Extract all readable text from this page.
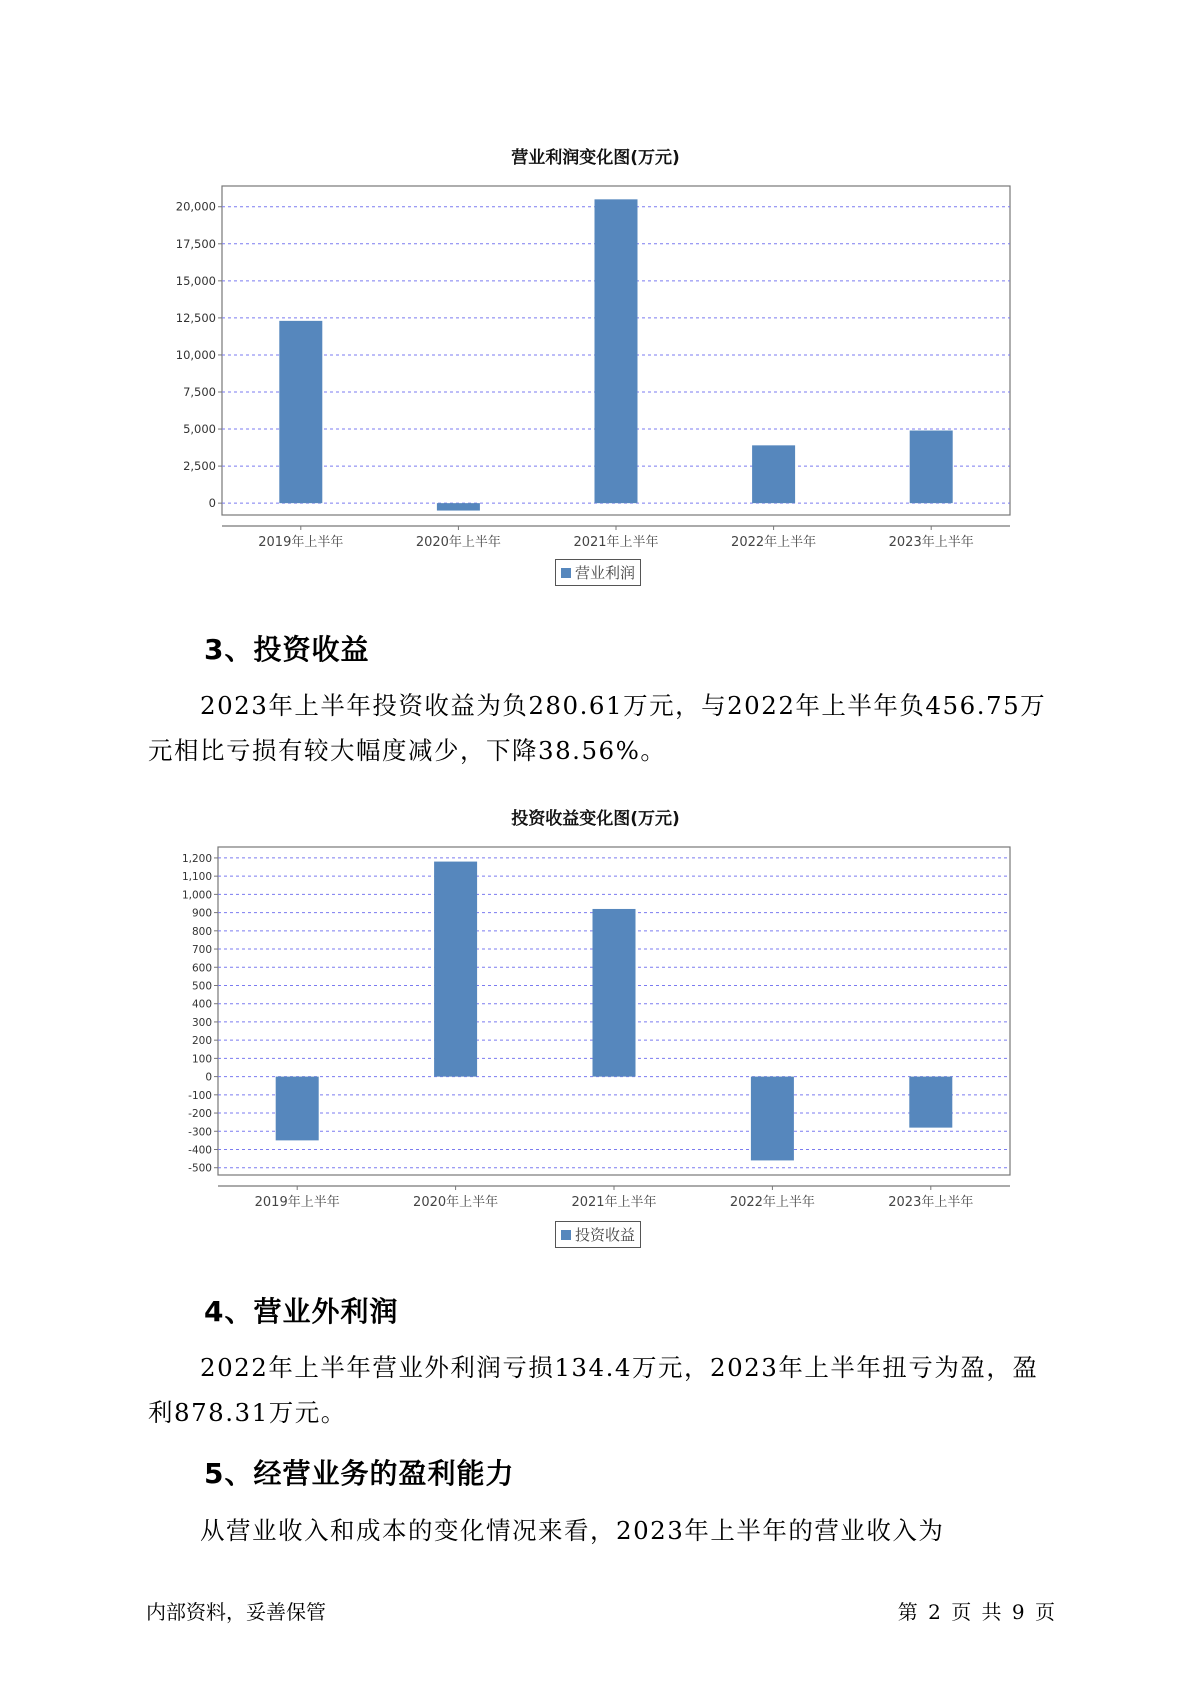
营业利润变化图(万元)
0
2,500
5,000
7,500
10,000
12,500
15,000
17,500
20,000
2019年上半年	2020年上半年	2021年上半年	2022年上半年	2023年上半年
营业利润
3、投资收益
2023年上半年投资收益为负280.61万元，与2022年上半年负456.75万
元相比亏损有较大幅度减少，下降38.56%。
投资收益变化图(万元)
-500
-400
-300
-200
-100
0
100
200
300
400
500
600
700
800
900
1,000
1,100
1,200
2019年上半年	2020年上半年	2021年上半年	2022年上半年	2023年上半年
投资收益
4、营业外利润
2022年上半年营业外利润亏损134.4万元，2023年上半年扭亏为盈，盈
利878.31万元。
5、经营业务的盈利能力
从营业收入和成本的变化情况来看，2023年上半年的营业收入为
内部资料，妥善保管	第 2 页 共 9 页
